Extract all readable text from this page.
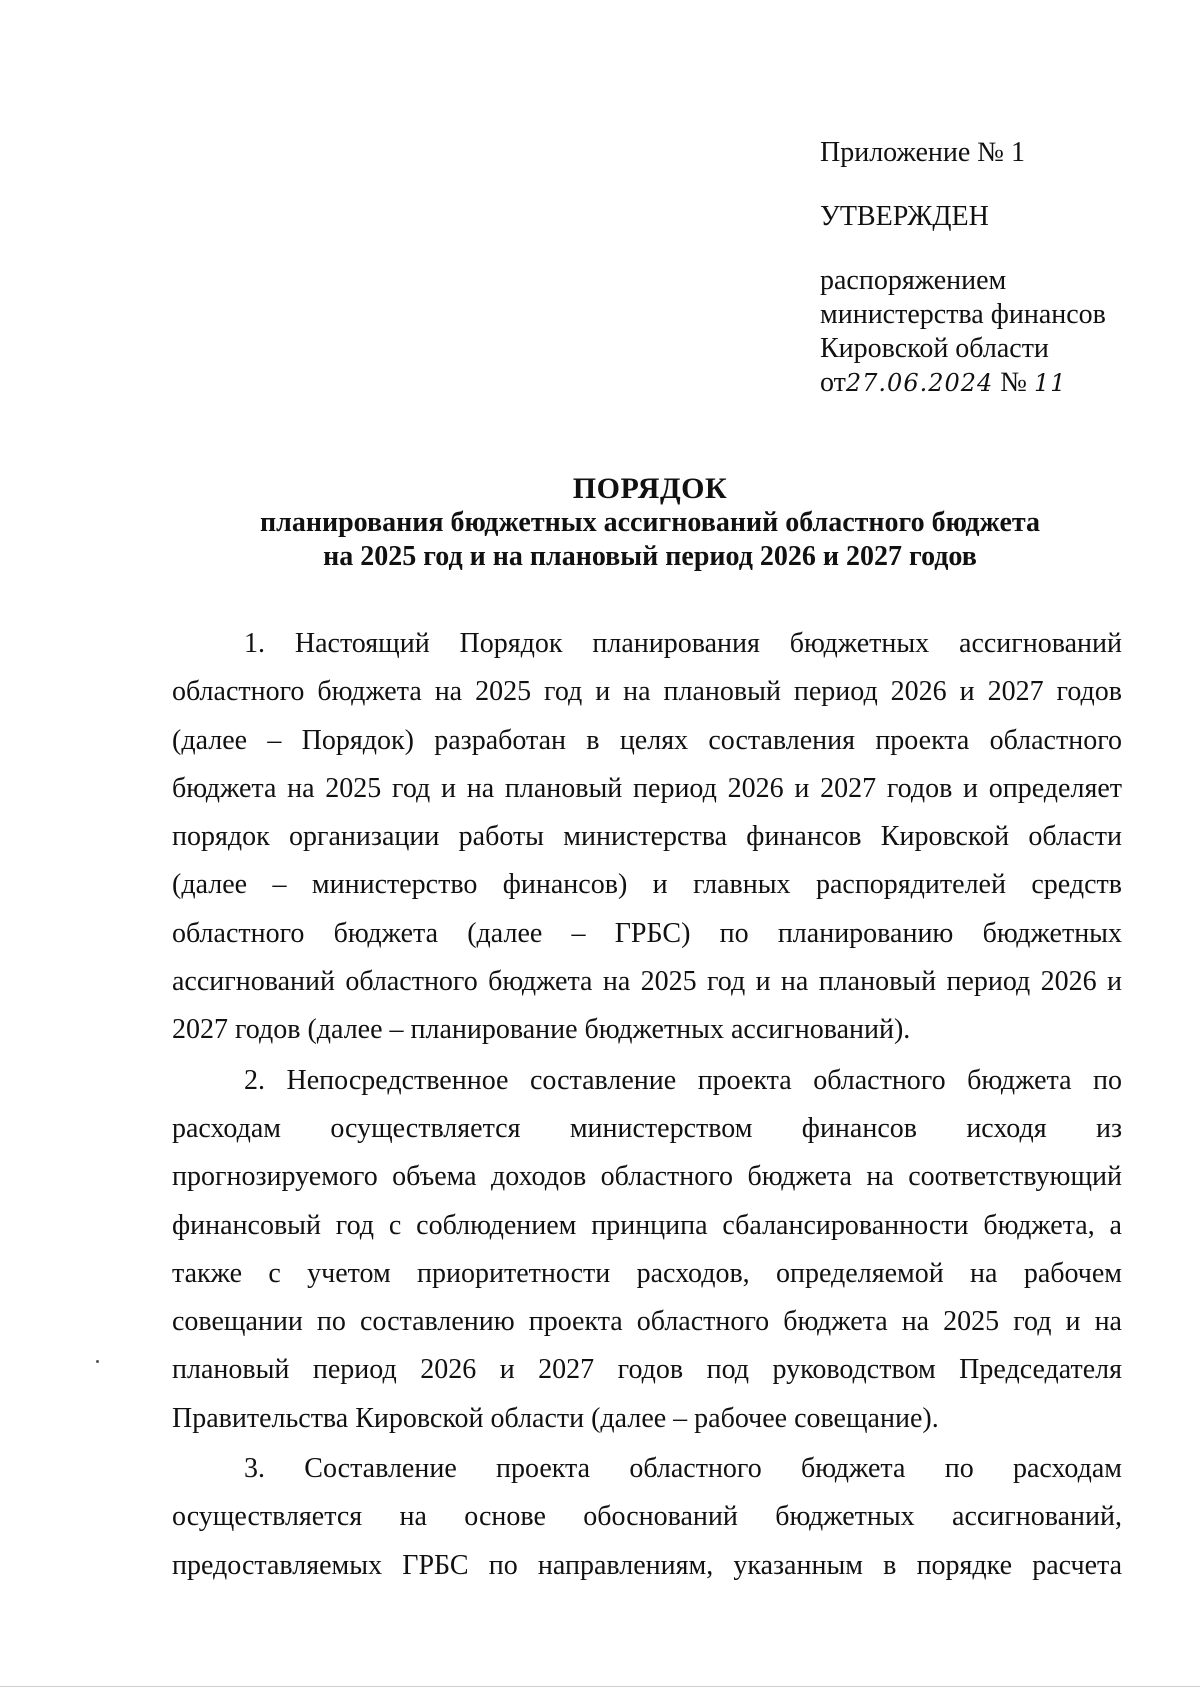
Приложение № 1
УТВЕРЖДЕН
распоряжением
министерства финансов
Кировской области
от27.06.2024 № 11
ПОРЯДОК
планирования бюджетных ассигнований областного бюджета
на 2025 год и на плановый период 2026 и 2027 годов

1. Настоящий Порядок планирования бюджетных ассигнований областного бюджета на 2025 год и на плановый период 2026 и 2027 годов (далее – Порядок) разработан в целях составления проекта областного бюджета на 2025 год и на плановый период 2026 и 2027 годов и определяет порядок организации работы министерства финансов Кировской области (далее – министерство финансов) и главных распорядителей средств областного бюджета (далее – ГРБС) по планированию бюджетных ассигнований областного бюджета на 2025 год и на плановый период 2026 и 2027 годов (далее – планирование бюджетных ассигнований).

2. Непосредственное составление проекта областного бюджета по расходам осуществляется министерством финансов исходя из прогнозируемого объема доходов областного бюджета на соответствующий финансовый год с соблюдением принципа сбалансированности бюджета, а также с учетом приоритетности расходов, определяемой на рабочем совещании по составлению проекта областного бюджета на 2025 год и на плановый период 2026 и 2027 годов под руководством Председателя Правительства Кировской области (далее – рабочее совещание).

3. Составление проекта областного бюджета по расходам осуществляется на основе обоснований бюджетных ассигнований, предоставляемых ГРБС по направлениям, указанным в порядке расчета
